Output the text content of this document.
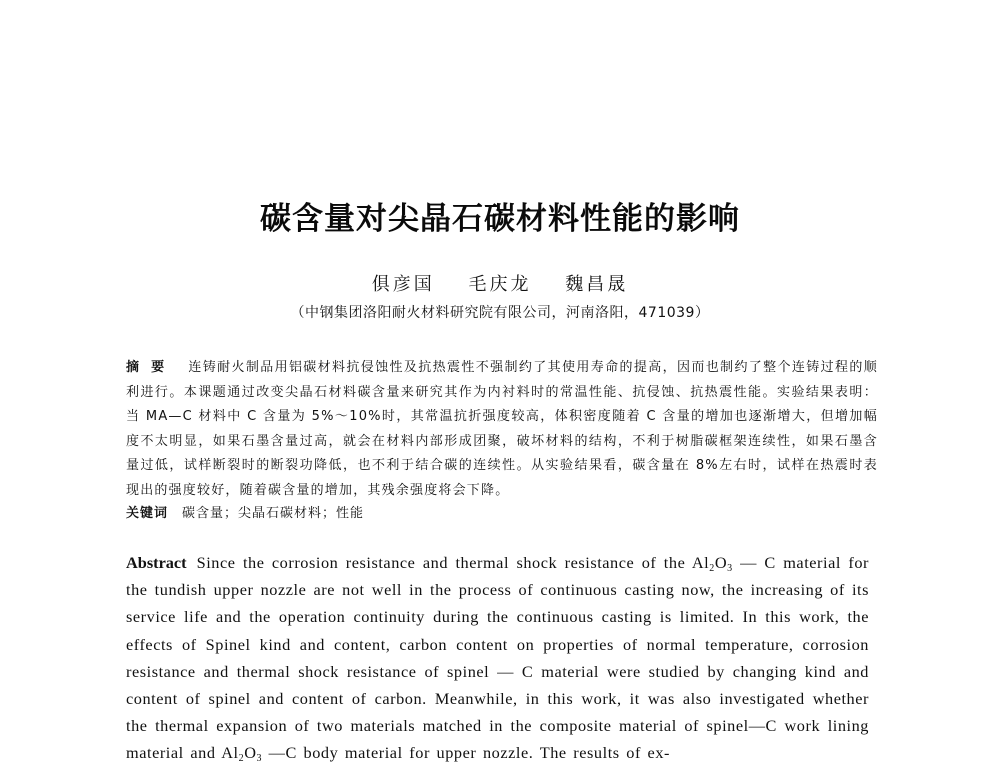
碳含量对尖晶石碳材料性能的影响
俱彦国 毛庆龙 魏昌晟
（中钢集团洛阳耐火材料研究院有限公司，河南洛阳，471039）
摘要 连铸耐火制品用铝碳材料抗侵蚀性及抗热震性不强制约了其使用寿命的提高，因而也制约了整个连铸过程的顺利进行。本课题通过改变尖晶石材料碳含量来研究其作为内衬料时的常温性能、抗侵蚀、抗热震性能。实验结果表明：当 MA—C 材料中 C 含量为 5%～10%时，其常温抗折强度较高，体积密度随着 C 含量的增加也逐渐增大，但增加幅度不太明显，如果石墨含量过高，就会在材料内部形成团聚，破坏材料的结构，不利于树脂碳框架连续性，如果石墨含量过低，试样断裂时的断裂功降低，也不利于结合碳的连续性。从实验结果看，碳含量在 8%左右时，试样在热震时表现出的强度较好，随着碳含量的增加，其残余强度将会下降。
关键词 碳含量；尖晶石碳材料；性能
Abstract Since the corrosion resistance and thermal shock resistance of the $Al_2O_3$ — C material for the tundish upper nozzle are not well in the process of continuous casting now, the increasing of its service life and the operation continuity during the continuous casting is limited. In this work, the effects of Spinel kind and content, carbon content on properties of normal temperature, corrosion resistance and thermal shock resistance of spinel — C material were studied by changing kind and content of spinel and content of carbon. Meanwhile, in this work, it was also investigated whether the thermal expansion of two materials matched in the composite material of spinel—C work lining material and $Al_2O_3$ —C body material for upper nozzle. The results of ex-
